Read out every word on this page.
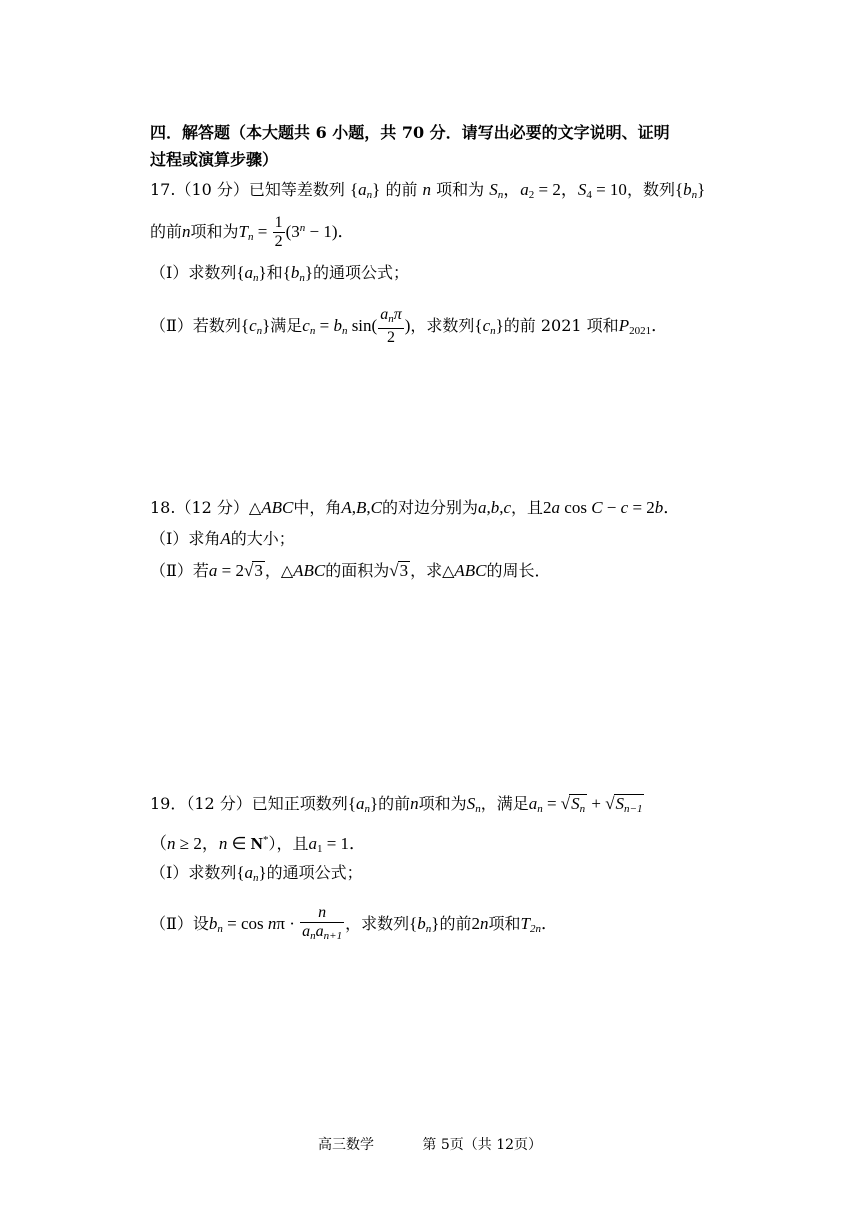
四．解答题（本大题共 6 小题，共 70 分．请写出必要的文字说明、证明
过程或演算步骤）
17.（10 分）已知等差数列 $\{a_n\}$ 的前 n 项和为 $S_n$，$a_2 = 2$，$S_4 = 10$，数列$\{b_n\}$
的前n项和为$T_n = \frac{1}{2} (3^n - 1)$．
（Ⅰ）求数列$\{a_n\}$和$\{b_n\}$的通项公式；
（Ⅱ）若数列$\{c_n\}$满足$c_n = b_n$ $\sin( \frac{a_n\pi}{2}$ )，求数列$\{c_n\}$的前 2021 项和$P_{2021}$．
18.（12 分）△ABC中，角A,B,C的对边分别为a,b,c，且2a cos C − c = 2b．
（Ⅰ）求角A的大小；
（Ⅱ）若a = 2√3 ，△ABC的面积为√3 ，求△ABC的周长．
19．（12 分）已知正项数列$\{a_n\}$的前n项和为$S_n$，满足$a_n = √S_n + √S_{n-1}$
（n ≥ 2，n ∈ N*），且$a_1 = 1$．
（Ⅰ）求数列$\{a_n\}$的通项公式；
（Ⅱ）设$b_n = \cos n\pi \cdot \frac{n}{a_na_{n+1}}$ ，求数列$\{b_n\}$的前2n项和$T_{2n}$．
高三数学	第 5页（共 12页）
